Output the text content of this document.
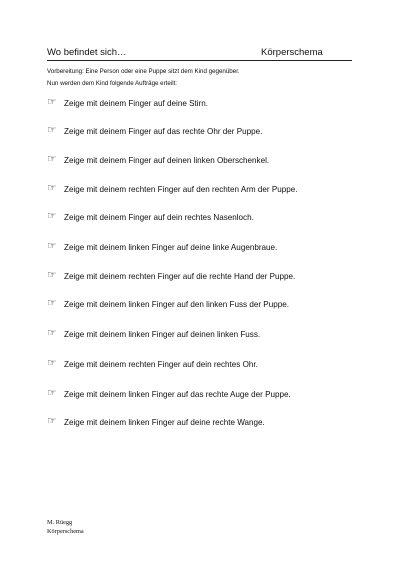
Wo befindet sich…	Körperschema
Vorbereitung: Eine Person oder eine Puppe sitzt dem Kind gegenüber.
Nun werden dem Kind folgende Aufträge erteilt:
☞ Zeige mit deinem Finger auf deine Stirn.
☞ Zeige mit deinem Finger auf das rechte Ohr der Puppe.
☞ Zeige mit deinem Finger auf deinen linken Oberschenkel.
☞ Zeige mit deinem rechten Finger auf den rechten Arm der Puppe.
☞ Zeige mit deinem Finger auf dein rechtes Nasenloch.
☞ Zeige mit deinem linken Finger auf deine linke Augenbraue.
☞ Zeige mit deinem rechten Finger auf die rechte Hand der Puppe.
☞ Zeige mit deinem linken Finger auf den linken Fuss der Puppe.
☞ Zeige mit deinem linken Finger auf deinen linken Fuss.
☞ Zeige mit deinem rechten Finger auf dein rechtes Ohr.
☞ Zeige mit deinem linken Finger auf das rechte Auge der Puppe.
☞ Zeige mit deinem linken Finger auf deine rechte Wange.
M. Rüegg
Körperschema
